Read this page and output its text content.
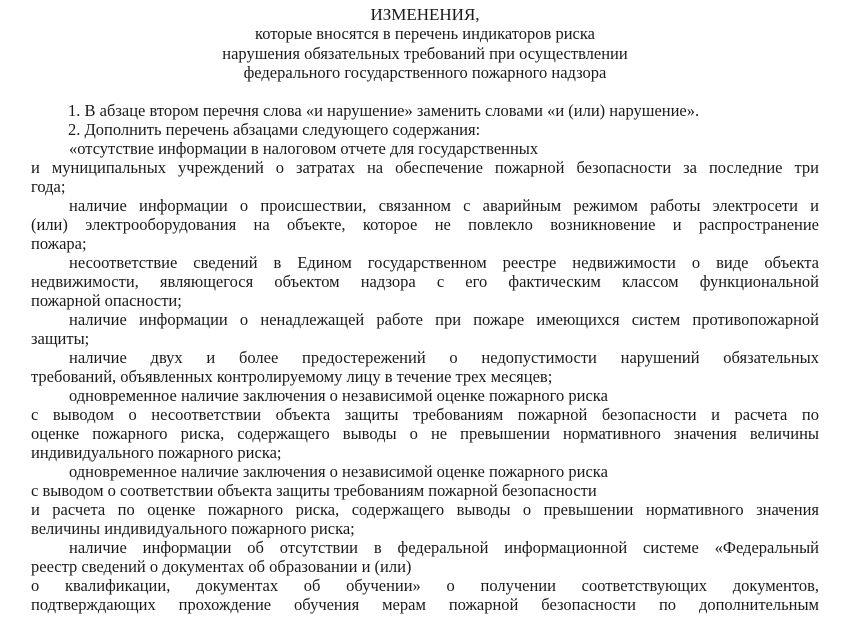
ИЗМЕНЕНИЯ,
которые вносятся в перечень индикаторов риска
нарушения обязательных требований при осуществлении
федерального государственного пожарного надзора
1. В абзаце втором перечня слова «и нарушение» заменить словами «и (или) нарушение».
2. Дополнить перечень абзацами следующего содержания:
«отсутствие информации в налоговом отчете для государственных
и муниципальных учреждений о затратах на обеспечение пожарной безопасности за последние три
года;
наличие информации о происшествии, связанном с аварийным режимом работы электросети и
(или) электрооборудования на объекте, которое не повлекло возникновение и распространение
пожара;
несоответствие сведений в Едином государственном реестре недвижимости о виде объекта
недвижимости, являющегося объектом надзора с его фактическим классом функциональной
пожарной опасности;
наличие информации о ненадлежащей работе при пожаре имеющихся систем противопожарной
защиты;
наличие двух и более предостережений о недопустимости нарушений обязательных
требований, объявленных контролируемому лицу в течение трех месяцев;
одновременное наличие заключения о независимой оценке пожарного риска
с выводом о несоответствии объекта защиты требованиям пожарной безопасности и расчета по
оценке пожарного риска, содержащего выводы о не превышении нормативного значения величины
индивидуального пожарного риска;
одновременное наличие заключения о независимой оценке пожарного риска
с выводом о соответствии объекта защиты требованиям пожарной безопасности
и расчета по оценке пожарного риска, содержащего выводы о превышении нормативного значения
величины индивидуального пожарного риска;
наличие информации об отсутствии в федеральной информационной системе «Федеральный
реестр сведений о документах об образовании и (или)
о квалификации, документах об обучении» о получении соответствующих документов,
подтверждающих прохождение обучения мерам пожарной безопасности по дополнительным
